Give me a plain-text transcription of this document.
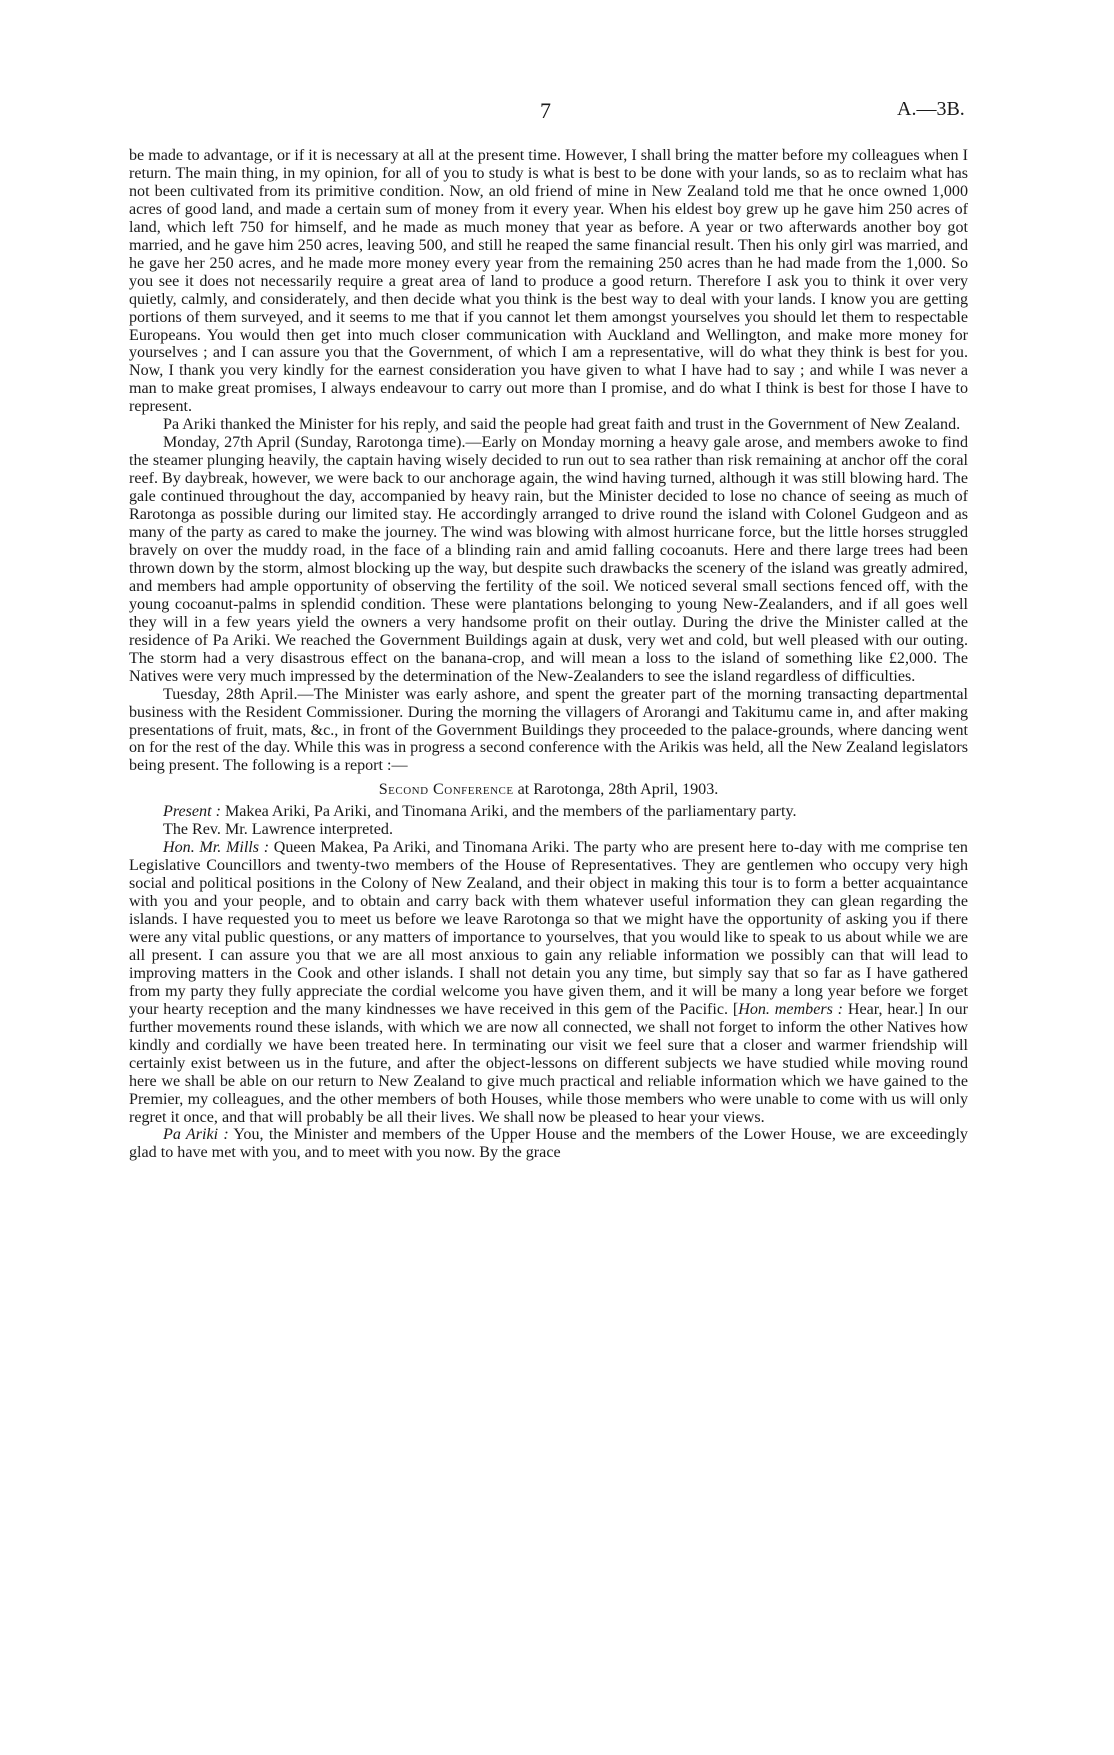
7	A.—3B.

be made to advantage, or if it is necessary at all at the present time. However, I shall bring the matter before my colleagues when I return. The main thing, in my opinion, for all of you to study is what is best to be done with your lands, so as to reclaim what has not been cultivated from its primitive condition. Now, an old friend of mine in New Zealand told me that he once owned 1,000 acres of good land, and made a certain sum of money from it every year. When his eldest boy grew up he gave him 250 acres of land, which left 750 for himself, and he made as much money that year as before. A year or two afterwards another boy got married, and he gave him 250 acres, leaving 500, and still he reaped the same financial result. Then his only girl was married, and he gave her 250 acres, and he made more money every year from the remaining 250 acres than he had made from the 1,000. So you see it does not necessarily require a great area of land to produce a good return. Therefore I ask you to think it over very quietly, calmly, and considerately, and then decide what you think is the best way to deal with your lands. I know you are getting portions of them surveyed, and it seems to me that if you cannot let them amongst yourselves you should let them to respectable Europeans. You would then get into much closer communication with Auckland and Wellington, and make more money for yourselves ; and I can assure you that the Government, of which I am a representative, will do what they think is best for you. Now, I thank you very kindly for the earnest consideration you have given to what I have had to say ; and while I was never a man to make great promises, I always endeavour to carry out more than I promise, and do what I think is best for those I have to represent.

Pa Ariki thanked the Minister for his reply, and said the people had great faith and trust in the Government of New Zealand.

Monday, 27th April (Sunday, Rarotonga time).—Early on Monday morning a heavy gale arose, and members awoke to find the steamer plunging heavily, the captain having wisely decided to run out to sea rather than risk remaining at anchor off the coral reef. By daybreak, however, we were back to our anchorage again, the wind having turned, although it was still blowing hard. The gale continued throughout the day, accompanied by heavy rain, but the Minister decided to lose no chance of seeing as much of Rarotonga as possible during our limited stay. He accordingly arranged to drive round the island with Colonel Gudgeon and as many of the party as cared to make the journey. The wind was blowing with almost hurricane force, but the little horses struggled bravely on over the muddy road, in the face of a blinding rain and amid falling cocoanuts. Here and there large trees had been thrown down by the storm, almost blocking up the way, but despite such drawbacks the scenery of the island was greatly admired, and members had ample opportunity of observing the fertility of the soil. We noticed several small sections fenced off, with the young cocoanut-palms in splendid condition. These were plantations belonging to young New-Zealanders, and if all goes well they will in a few years yield the owners a very handsome profit on their outlay. During the drive the Minister called at the residence of Pa Ariki. We reached the Government Buildings again at dusk, very wet and cold, but well pleased with our outing. The storm had a very disastrous effect on the banana-crop, and will mean a loss to the island of something like £2,000. The Natives were very much impressed by the determination of the New-Zealanders to see the island regardless of difficulties.

Tuesday, 28th April.—The Minister was early ashore, and spent the greater part of the morning transacting departmental business with the Resident Commissioner. During the morning the villagers of Arorangi and Takitumu came in, and after making presentations of fruit, mats, &c., in front of the Government Buildings they proceeded to the palace-grounds, where dancing went on for the rest of the day. While this was in progress a second conference with the Arikis was held, all the New Zealand legislators being present. The following is a report :—

Second Conference at Rarotonga, 28th April, 1903.

Present : Makea Ariki, Pa Ariki, and Tinomana Ariki, and the members of the parliamentary party.

The Rev. Mr. Lawrence interpreted.

Hon. Mr. Mills : Queen Makea, Pa Ariki, and Tinomana Ariki. The party who are present here to-day with me comprise ten Legislative Councillors and twenty-two members of the House of Representatives. They are gentlemen who occupy very high social and political positions in the Colony of New Zealand, and their object in making this tour is to form a better acquaintance with you and your people, and to obtain and carry back with them whatever useful information they can glean regarding the islands. I have requested you to meet us before we leave Rarotonga so that we might have the opportunity of asking you if there were any vital public questions, or any matters of importance to yourselves, that you would like to speak to us about while we are all present. I can assure you that we are all most anxious to gain any reliable information we possibly can that will lead to improving matters in the Cook and other islands. I shall not detain you any time, but simply say that so far as I have gathered from my party they fully appreciate the cordial welcome you have given them, and it will be many a long year before we forget your hearty reception and the many kindnesses we have received in this gem of the Pacific. [Hon. members : Hear, hear.] In our further movements round these islands, with which we are now all connected, we shall not forget to inform the other Natives how kindly and cordially we have been treated here. In terminating our visit we feel sure that a closer and warmer friendship will certainly exist between us in the future, and after the object-lessons on different subjects we have studied while moving round here we shall be able on our return to New Zealand to give much practical and reliable information which we have gained to the Premier, my colleagues, and the other members of both Houses, while those members who were unable to come with us will only regret it once, and that will probably be all their lives. We shall now be pleased to hear your views.

Pa Ariki : You, the Minister and members of the Upper House and the members of the Lower House, we are exceedingly glad to have met with you, and to meet with you now. By the grace
